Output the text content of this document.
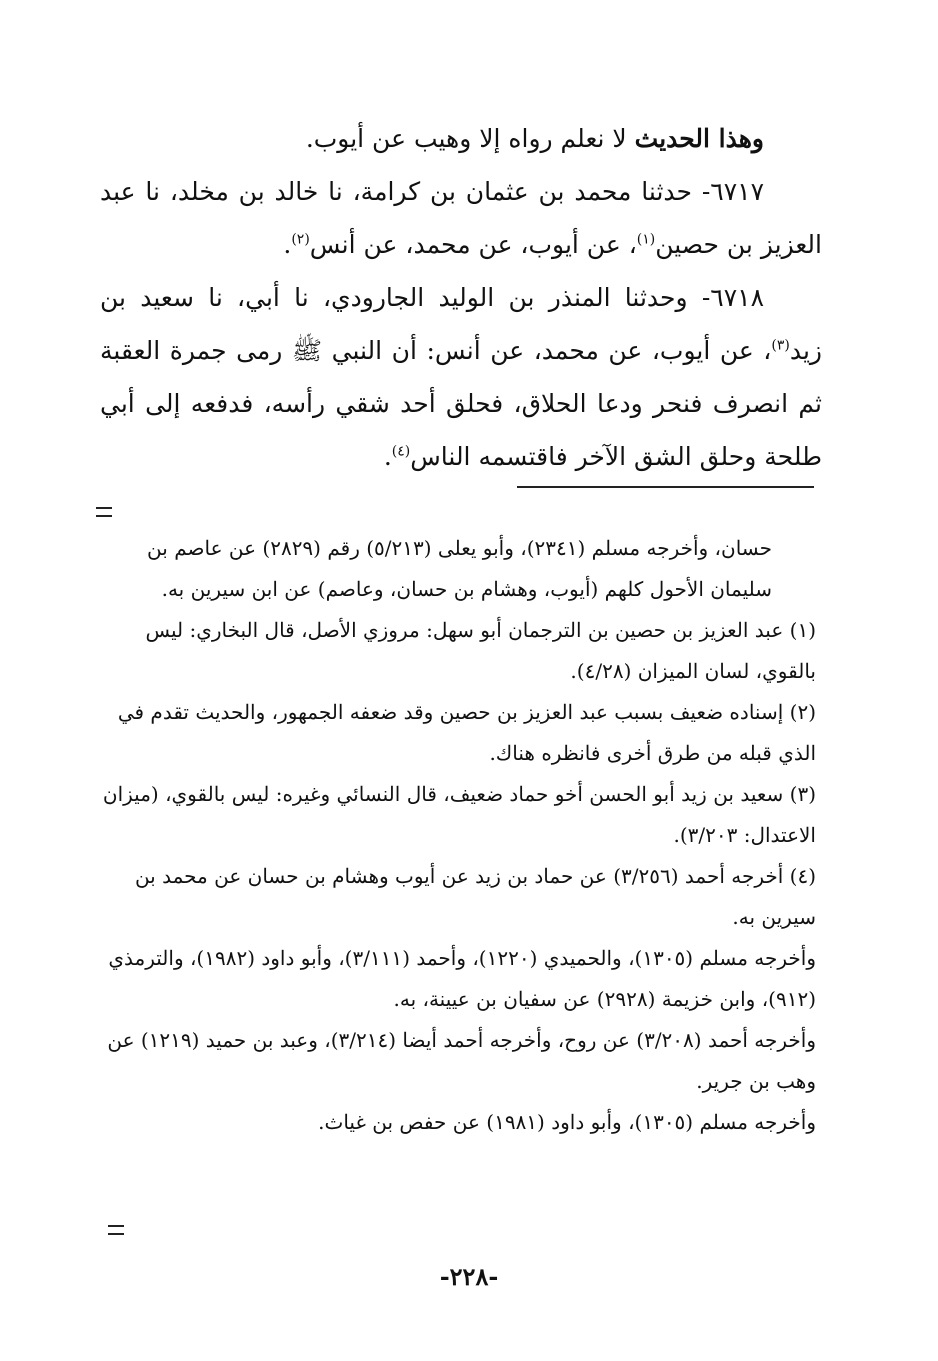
وهذا الحديث لا نعلم رواه إلا وهيب عن أيوب.

٦٧١٧- حدثنا محمد بن عثمان بن كرامة، نا خالد بن مخلد، نا عبد العزيز بن حصين$^{(١)}$، عن أيوب، عن محمد، عن أنس$^{(٢)}$.

٦٧١٨- وحدثنا المنذر بن الوليد الجارودي، نا أبي، نا سعيد بن زيد$^{(٣)}$، عن أيوب، عن محمد، عن أنس: أن النبي ﷺ رمى جمرة العقبة ثم انصرف فنحر ودعا الحلاق، فحلق أحد شقي رأسه، فدفعه إلى أبي طلحة وحلق الشق الآخر فاقتسمه الناس$^{(٤)}$.

حسان، وأخرجه مسلم (٢٣٤١)، وأبو يعلى (٥/٢١٣) رقم (٢٨٢٩) عن عاصم بن سليمان الأحول كلهم (أيوب، وهشام بن حسان، وعاصم) عن ابن سيرين به.

(١) عبد العزيز بن حصين بن الترجمان أبو سهل: مروزي الأصل، قال البخاري: ليس بالقوي، لسان الميزان (٤/٢٨).

(٢) إسناده ضعيف بسبب عبد العزيز بن حصين وقد ضعفه الجمهور، والحديث تقدم في الذي قبله من طرق أخرى فانظره هناك.

(٣) سعيد بن زيد أبو الحسن أخو حماد ضعيف، قال النسائي وغيره: ليس بالقوي، (ميزان الاعتدال: ٣/٢٠٣).

(٤) أخرجه أحمد (٣/٢٥٦) عن حماد بن زيد عن أيوب وهشام بن حسان عن محمد بن سيرين به.

وأخرجه مسلم (١٣٠٥)، والحميدي (١٢٢٠)، وأحمد (٣/١١١)، وأبو داود (١٩٨٢)، والترمذي (٩١٢)، وابن خزيمة (٢٩٢٨) عن سفيان بن عيينة، به.

وأخرجه أحمد (٣/٢٠٨) عن روح، وأخرجه أحمد أيضا (٣/٢١٤)، وعبد بن حميد (١٢١٩) عن وهب بن جرير.

وأخرجه مسلم (١٣٠٥)، وأبو داود (١٩٨١) عن حفص بن غياث.

-٢٢٨-
